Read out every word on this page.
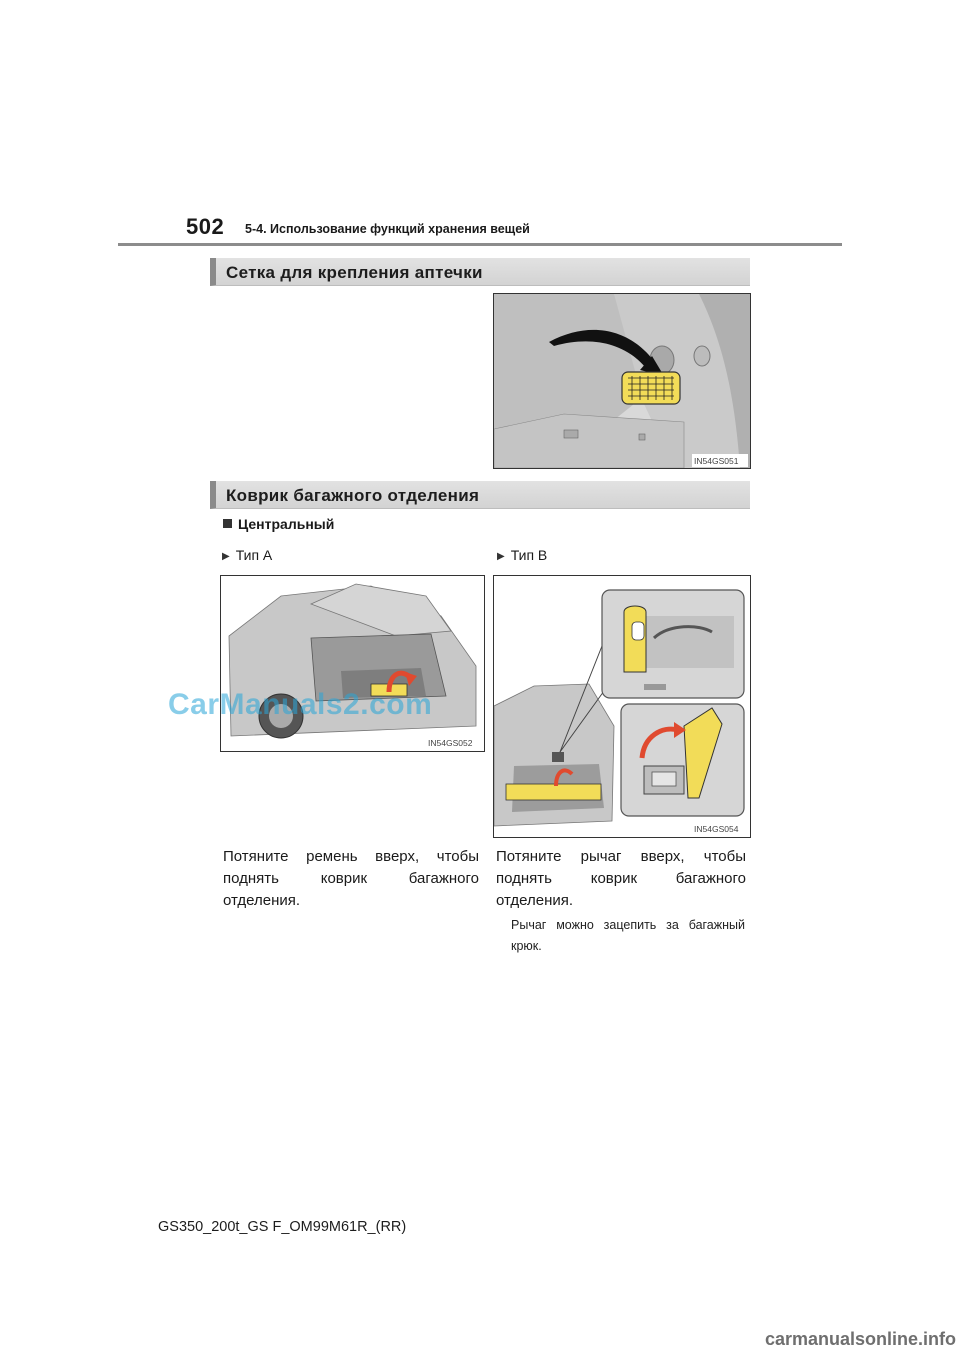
502 5-4. Использование функций хранения вещей
Сетка для крепления аптечки
IN54GS051
Коврик багажного отделения
Центральный
▶ Тип А	▶ Тип В
IN54GS052
IN54GS054
Потяните ремень вверх, чтобы поднять коврик багажного отделения.
Потяните рычаг вверх, чтобы поднять коврик багажного отделения.
Рычаг можно зацепить за багажный крюк.
GS350_200t_GS F_OM99M61R_(RR)
CarManuals2.com
carmanualsonline.info
